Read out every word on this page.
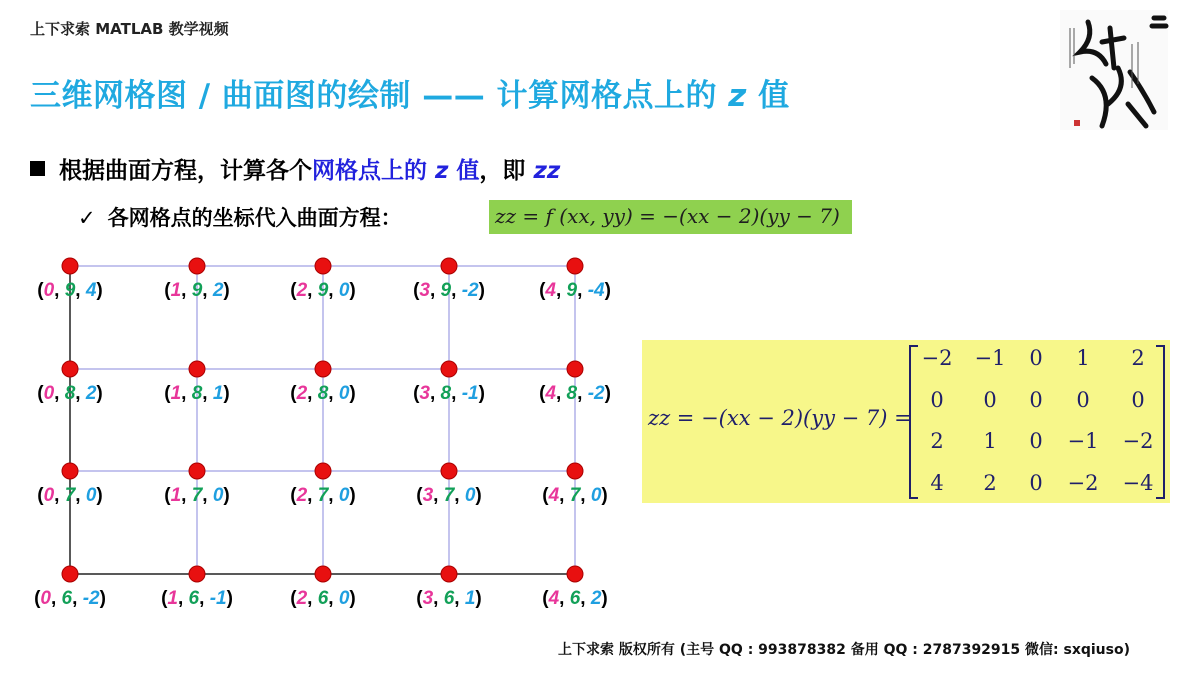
上下求索 MATLAB 教学视频
三维网格图 / 曲面图的绘制 —— 计算网格点上的 z 值
根据曲面方程，计算各个网格点上的 z 值，即 zz
✓ 各网格点的坐标代入曲面方程：	zz = f (xx, yy) = −(xx − 2)(yy − 7)
(0, 9, 4)	(1, 9, 2)	(2, 9, 0)	(3, 9, -2)	(4, 9, -4)
(0, 8, 2)	(1, 8, 1)	(2, 8, 0)	(3, 8, -1)	(4, 8, -2)
(0, 7, 0)	(1, 7, 0)	(2, 7, 0)	(3, 7, 0)	(4, 7, 0)
(0, 6, -2)	(1, 6, -1)	(2, 6, 0)	(3, 6, 1)	(4, 6, 2)
zz = −(xx − 2)(yy − 7) =
−2 −1 0 1 2
0 0 0 0 0
2 1 0 −1 −2
4 2 0 −2 −4
上下求索 版权所有 (主号 QQ : 993878382 备用 QQ : 2787392915 微信: sxqiuso)
